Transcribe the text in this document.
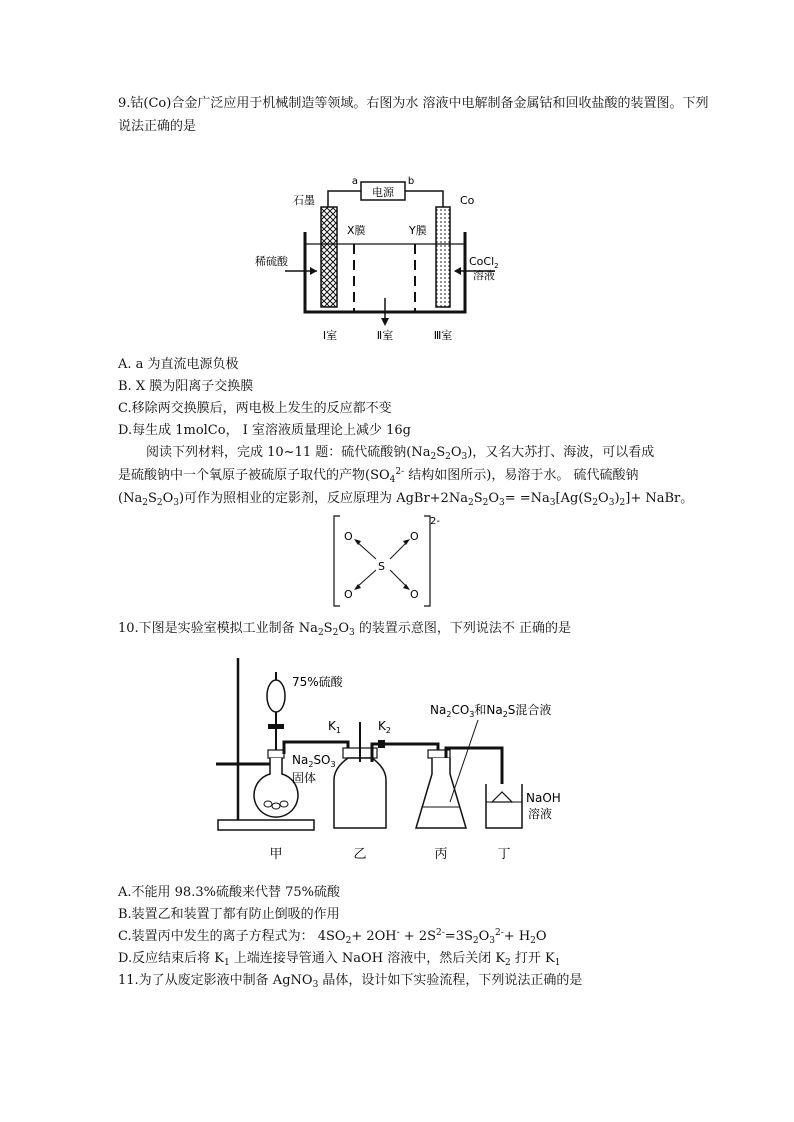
9.钴(Co)合金广泛应用于机械制造等领域。右图为水 溶液中电解制备金属钴和回收盐酸的装置图。下列
说法正确的是
电源
a	b
石墨	Co
X膜	Y膜
稀硫酸	CoCl$_2$
溶液
Ⅰ室	Ⅱ室	Ⅲ室
A. a 为直流电源负极
B. X 膜为阳离子交换膜
C.移除两交换膜后，两电极上发生的反应都不变
D.每生成 1molCo， Ⅰ 室溶液质量理论上减少 16g
阅读下列材料，完成 10~11 题：硫代硫酸钠$(Na_2S_2O_3)$，又名大苏打、海波，可以看成
是硫酸钠中一个氧原子被硫原子取代的产物($SO_4^{2-}$ 结构如图所示)，易溶于水。 硫代硫酸钠
$(Na_2S_2O_3)$可作为照相业的定影剂，反应原理为 $AgBr+2Na_2S_2O_3= =Na_3[Ag(S_2O_3)_2]+$ NaBr。
2-
O	O
O	O
S
10.下图是实验室模拟工业制备 $Na_2S_2O_3$ 的装置示意图，下列说法不 正确的是
75%硫酸
$Na_2SO_3$
固体
$K_1$	$K_2$
$Na_2CO_3$和$Na_2S$混合液
NaOH
溶液
甲	乙	丙	丁
A.不能用 98.3%硫酸来代替 75%硫酸
B.装置乙和装置丁都有防止倒吸的作用
C.装置丙中发生的离子方程式为： $4SO_2+ 2OH^- + 2S^{2-}=3S_2O_3^{2-}+ H_2O$
D.反应结束后将 $K_1$ 上端连接导管通入 NaOH 溶液中，然后关闭 $K_2$ 打开 $K_1$
11.为了从废定影液中制备 AgNO$_3$ 晶体，设计如下实验流程，下列说法正确的是
